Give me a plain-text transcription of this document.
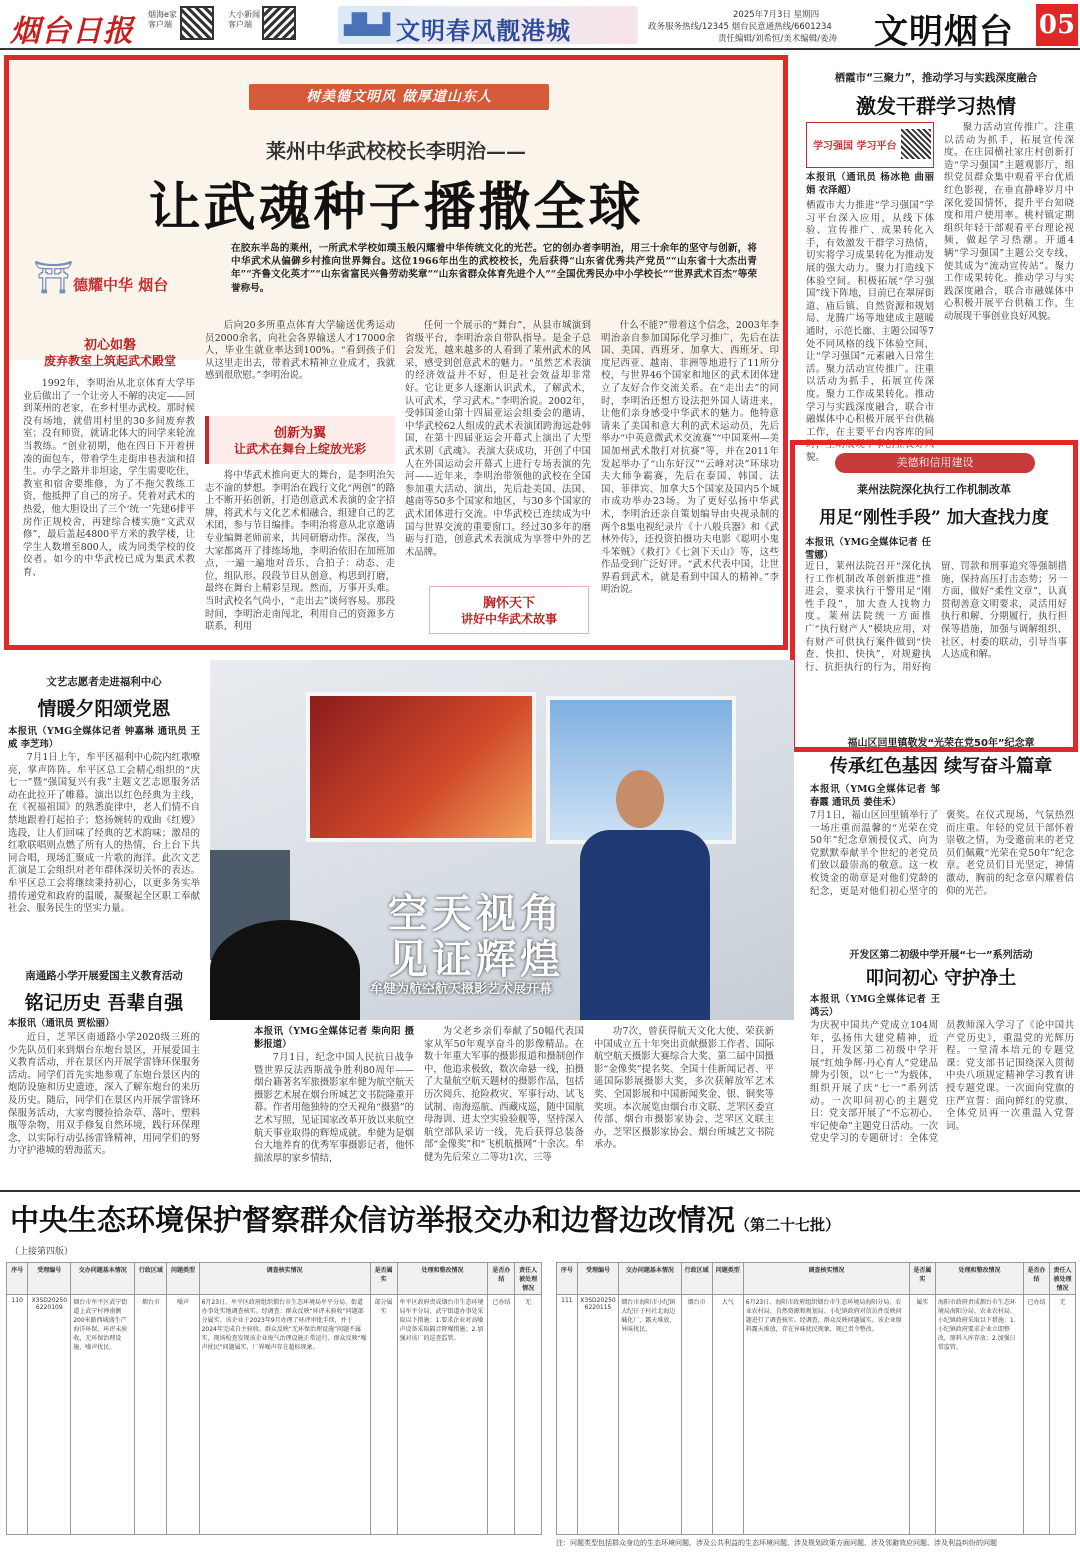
烟台日报 烟海e家客户端
大小新闻客户端	▟▙▟ 文明春风靓港城
2025年7月3日 星期四
政务服务热线/12345 烟台民意通热线/6601234
责任编辑/刘希恒/美术编辑/姜涛 文明烟台 05
树美德文明风 做厚道山东人
莱州中华武校校长李明治——
让武魂种子播撒全球
⛩ 德耀中华 烟台
在胶东半岛的莱州，一所武术学校如璞玉般闪耀着中华传统文化的光芒。它的创办者李明治，用三十余年的坚守与创新，将中华武术从偏僻乡村推向世界舞台。这位1966年出生的武校校长，先后获得“山东省优秀共产党员”“山东省十大杰出青年”“齐鲁文化英才”“山东省富民兴鲁劳动奖章”“山东省群众体育先进个人”“全国优秀民办中小学校长”“世界武术百杰”等荣誉称号。
初心如磐
废弃教室上筑起武术殿堂
1992年，李明治从北京体育大学毕业后做出了一个让旁人不解的决定——回到莱州的老家，在乡村里办武校。那时候没有场地，就借用村里的30多间废弃教室；没有师资，就请北体大的同学来轮流当教练。“创业初期，他在四日下开着拼凑的面包车，带着学生走街串巷表演和招生。办学之路并非坦途，学生需要吃住，教室和宿舍要维修，为了不拖欠教练工资，他抵押了自己的房子。凭着对武术的热爱，他大胆设出了三个‘统一’先建6排平房作正规校舍，再建综合楼实施“文武双修”，最后盖起4800平方米的教学楼，让学生人数增至800人，成为同类学校的佼佼者。如今的中华武校已成为集武术教育、
后向20多所重点体育大学输送优秀运动员2000余名，向社会各界输送人才17000余人，毕业生就业率达到100%。“看到孩子们从这里走出去，带着武术精神立业成才，我就感到很欣慰。”李明治说。
创新为翼
让武术在舞台上绽放光彩
将中华武术推向更大的舞台，是李明治矢志不渝的梦想。李明治在践行文化“两创”的路上不断开拓创新，打造创意武术表演的金字招牌，将武术与文化艺术相融合，组建自己的艺术团，参与节目编排。李明治将意从北京邀请专业编舞老师前来，共同研磨动作。深夜，当大家都离开了排练场地，李明治依旧在加班加点，一遍一遍地对音乐、合拍子：动态、走位，组队形。段段节目从创意、构思到打磨，最终在舞台上精彩呈现。然而，万事开头难。当时武校名气尚小，“走出去”谈何容易。那段时间，李明治走南闯北，利用自己的资源多方联系，利用
任何一个展示的“舞台”，从县市城演到省级平台，李明治亲自带队指导。是金子总会发光，越来越多的人看到了莱州武术的风采，感受到创意武术的魅力。“虽然艺术表演的经济效益并不好，但是社会效益却非常好。它让更多人逐渐认识武术，了解武术，认可武术，学习武术。”李明治说。2002年，受韩国釜山第十四届亚运会组委会的邀请，中华武校62人组成的武术表演团跨海远赴韩国，在第十四届亚运会开幕式上演出了大型武术剧《武魂》。表演大获成功，开创了中国人在外国运动会开幕式上进行专场表演的先河——近年来，李明治带领他的武校在全国参加重大活动、演出，先后赴美国、法国、越南等50多个国家和地区，与30多个国家的武术团体进行交流。中华武校已连续成为中国与世界交流的重要窗口。经过30多年的磨砺与打造，创意武术表演成为享誉中外的艺术品牌。
什么不能?”带着这个信念，2003年李明治亲自参加国际化学习推广，先后在法国、美国、西班牙、加拿大、西班牙、印度尼西亚、越南、非洲等地进行了11所分校，与世界46个国家和地区的武术团体建立了友好合作交流关系。在“走出去”的同时，李明治还想方设法把外国人请进来，让他们亲身感受中华武术的魅力。他特意请来了美国和意大利的武术运动员，先后举办“中英意微武术交流赛”“中国莱州—美国加州武术散打对抗赛”等，并在2011年发起举办了“山东好汉”“云峰对决”环球功夫大师争霸赛，先后在泰国、韩国、法国、菲律宾、加拿大5个国家及国内5个城市成功举办23场。为了更好弘扬中华武术，李明治还亲自策划编导由央视录制的两个8集电视纪录片《十八般兵器》和《武林外传》，还投资拍摄功夫电影《聪明小鬼斗笨贼》《救打》《七剑下天山》等，这些作品受到广泛好评。“武术代表中国，让世界看到武术，就是看到中国人的精神。”李明治说。
胸怀天下
讲好中华武术故事
栖霞市“三聚力”，推动学习与实践深度融合
激发干群学习热情
学习强国 学习平台
本报讯（通讯员 杨冰艳 曲丽娟 衣泽超）
栖霞市大力推进“学习强国”学习平台深入应用，从线下体验、宣传推广、成果转化入手，有效激发干群学习热情，切实将学习成果转化为推动发展的强大动力。聚力打造线下体验空间。积极拓展“学习强国”线下阵地，目前已在翠屏街道、庙后镇、自然资源和规划局、龙腾广场等地建成主题暖通时，示范长廊、主题公园等7处不同风格的线下体验空间，让“学习强国”元素融入日常生活。聚力活动宣传推广。注重以活动为抓手，拓展宣传深度。聚力工作成果转化。推动学习与实践深度融合，联合市融媒体中心积极开展平台供稿工作，在主要平台内容库的同时，生动展现干事创业良好风貌。
聚力活动宣传推广。注重以活动为抓手，拓展宣传深度。在庄园横社家庄村创新打造“学习强国”主题观影厅，组织党员群众集中观看平台优质红色影视，在垂直静峰岁月中深化爱国情怀，提升平台知晓度和用户使用率。桃村镇定期组织年轻干部观看平台理论视频，做起学习热潮。开通4辆“学习强国”主题公交专线，使其成为“流动宣传站”。聚力工作成果转化。推动学习与实践深度融合，联合市融媒体中心积极开展平台供稿工作，生动展现干事创业良好风貌。
美德和信用建设
莱州法院深化执行工作机制改革
用足“刚性手段” 加大查找力度
本报讯（YMG全媒体记者 任雪娜）
近日，莱州法院召开“深化执行工作机制改革创新推进”推进会，要求执行干警用足“刚性手段”，加大查人找物力度。莱州法院统一方面推广“执行财产人”模块应用，对有财产可供执行案件做到“快查、快扣、快执”，对规避执行、抗拒执行的行为，用好拘留、罚款和刑事追究等强制措施，保持高压打击态势；另一方面，做好“柔性文章”，认真贯彻善意文明要求，灵活用好执行和解、分期履行，执行担保等措施，加强与调解组织、社区、村委的联动，引导当事人达成和解。
文艺志愿者走进福利中心
情暖夕阳颂党恩
本报讯（YMG全媒体记者 钟嘉琳 通讯员 王威 李芝玮）
7月1日上午，牟平区福利中心院内红歌嘹亮，掌声阵阵。牟平区总工会精心组织的“庆七一”暨“强国复兴有我”主题文艺志愿服务活动在此拉开了帷幕。演出以红色经典为主线，在《祝福祖国》的熟悉旋律中，老人们情不自禁地跟着打起拍子；悠扬婉转的戏曲《红嫂》选段，让人们回味了经典的艺术韵味；激昂的红歌联唱则点燃了所有人的热情，台上台下共同合唱，现场汇聚成一片歌的海洋。此次文艺汇演是工会组织对老年群体深切关怀的表达。牟平区总工会将继续秉持初心，以更多务实举措传递党和政府的温暖，凝聚起全区职工奉献社会、服务民生的坚实力量。
南通路小学开展爱国主义教育活动
铭记历史 吾辈自强
本报讯（通讯员 贾松丽）
近日，芝罘区南通路小学2020级三班的少先队员们来到烟台东炮台景区，开展爱国主义教育活动，并在景区内开展学雷锋环保服务活动。同学们首先实地参观了东炮台景区内的炮防设施和历史遗迹，深入了解东炮台的来历及历史。随后，同学们在景区内开展学雷锋环保服务活动，大家弯腰捡拾杂草、落叶、塑料瓶等杂物，用双手修复自然环境，践行环保理念，以实际行动弘扬雷锋精神，用同学们的努力守护港城的碧海蓝天。
空天视角
见证辉煌
牟健为航空航天摄影艺术展开幕
本报讯（YMG全媒体记者 柴向阳 摄影报道）
7月1日，纪念中国人民抗日战争暨世界反法西斯战争胜利80周年——烟台籍著名军旅摄影家牟健为航空航天摄影艺术展在烟台所城艺文书院隆重开幕。作者用他独特的空天视角“摄猎”的艺术写照，见证国家改革开放以来航空航天事业取得的辉煌成就。牟健为是烟台大地养育的优秀军事摄影记者，他怀揣浓厚的家乡情结，
为父老乡亲们奉献了50幅代表国家从军50年观享奋斗的影像精品。在数十年重大军事的摄影报道和摄制创作中，他追求极致，数次命悬一线，拍摄了大量航空航天题材的摄影作品，包括历次阅兵、抢险救灾、军事行动、试飞试制、南海巡航、西藏戍巡，随中国航母海训、进太空实验验舰等，坚持深入航空部队采访一线，先后获得总装备部“金像奖”和“飞机航摄网”十余次。牟健为先后荣立二等功1次、三等
功7次，曾获得航天文化大使、荣获新中国成立五十年突出贡献摄影工作者、国际航空航天摄影大赛综合大奖、第二届中国摄影“金像奖”提名奖、全国十佳新闻记者、平遥国际影展摄影大奖，多次获解放军艺术奖、全国影展和中国新闻奖金、银、铜奖等奖项。本次展览由烟台市文联、芝罘区委宣传部、烟台市摄影家协会、芝罘区文联主办，芝罘区摄影家协会、烟台所城艺文书院承办。
福山区回里镇敬发“光荣在党50年”纪念章
传承红色基因 续写奋斗篇章
本报讯（YMG全媒体记者 邹春霞 通讯员 姜佳禾）
7月1日，福山区回里镇举行了一场庄重而温馨的“光荣在党50年”纪念章颁授仪式，向为党默默奉献半个世纪的老党员们致以最崇高的敬意。这一枚枚烫金的勋章是对他们党龄的纪念，更是对他们初心坚守的褒奖。在仪式现场，气氛热烈而庄重。年轻的党员干部怀着崇敬之情，为受邀前来的老党员们佩戴“光荣在党50年”纪念章。老党员们目光坚定，神情激动，胸前的纪念章闪耀着信仰的光芒。
开发区第二初级中学开展“七一”系列活动
叩问初心 守护净土
本报讯（YMG全媒体记者 王鸿云）
为庆祝中国共产党成立104周年，弘扬伟大建党精神，近日，开发区第二初级中学开展“红烛争辉·丹心育人”党建品牌为引领，以“七一”为载体，组织开展了庆“七一”系列活动。一次叩问初心的主题党日：党支部开展了“不忘初心、牢记使命”主题党日活动。一次党史学习的专题研讨：全体党员教师深入学习了《论中国共产党历史》，重温党的光辉历程。一堂清本培元的专题党课：党支部书记围绕深入贯彻中央八项规定精神学习教育讲授专题党课。一次面向党旗的庄严宣誓：面向鲜红的党旗，全体党员再一次重温入党誓词。
中央生态环境保护督察群众信访举报交办和边督边改情况（第二十七批）
（上接第四版）
序号	受理编号	交办问题基本情况	行政区域	问题类型	调查核实情况	是否属实	处理和整改情况	是否办结	责任人被处理情况
110	X3SD202506220109	烟台市牟平区武宁街道上武宁村禅南侧200米路西城盛生产海洋环保，环评未验收，无环保治理设施，噪声扰民。	烟台市	噪声	6月23日，牟平区政府组织烟台市生态环境局牟平分局、街道办事处实地调查核实。经调查：群众反映“环评未验收”问题部分属实。该企业于2023年9月办理了环评审批手续，并于2024年完成自主验收。群众反映“无环保治理设施”问题不属实，现场检查发现该企业废气治理设施正常运行。群众反映“噪声扰民”问题属实，厂界噪声存在超标现象。	部分属实	牟平区政府责成烟台市生态环境局牟平分局、武宁街道办事处采取以下措施：1.要求企业对高噪声设备采取隔音降噪措施；2.加强对该厂的巡查监管。	已办结	无
序号	受理编号	交办问题基本情况	行政区域	问题类型	调查核实情况	是否属实	处理和整改情况	是否办结	责任人被处理情况
111	X3SD202506220115	烟台市海阳市小纪镇大纪仔子村社北海边碱化厂，露天堆放，异味扰民。	烟台市	大气	6月23日，海阳市政府组织烟台市生态环境局海阳分局、农业农村局、自然资源和规划局、小纪镇政府对信访件反映问题进行了调查核实。经调查，群众反映问题属实。该企业原料露天堆放，存在异味扰民现象，现已责令整改。	属实	海阳市政府责成烟台市生态环境局海阳分局、农业农村局、小纪镇政府采取以下措施：1.小纪镇政府要求企业立即整改，原料入库存放；2.加强日常监管。	已办结	无
注：问题类型包括群众身边的生态环境问题、涉及公共利益的生态环境问题、涉及规划政策方面问题、涉及邻避效应问题、涉及利益纠纷的问题
